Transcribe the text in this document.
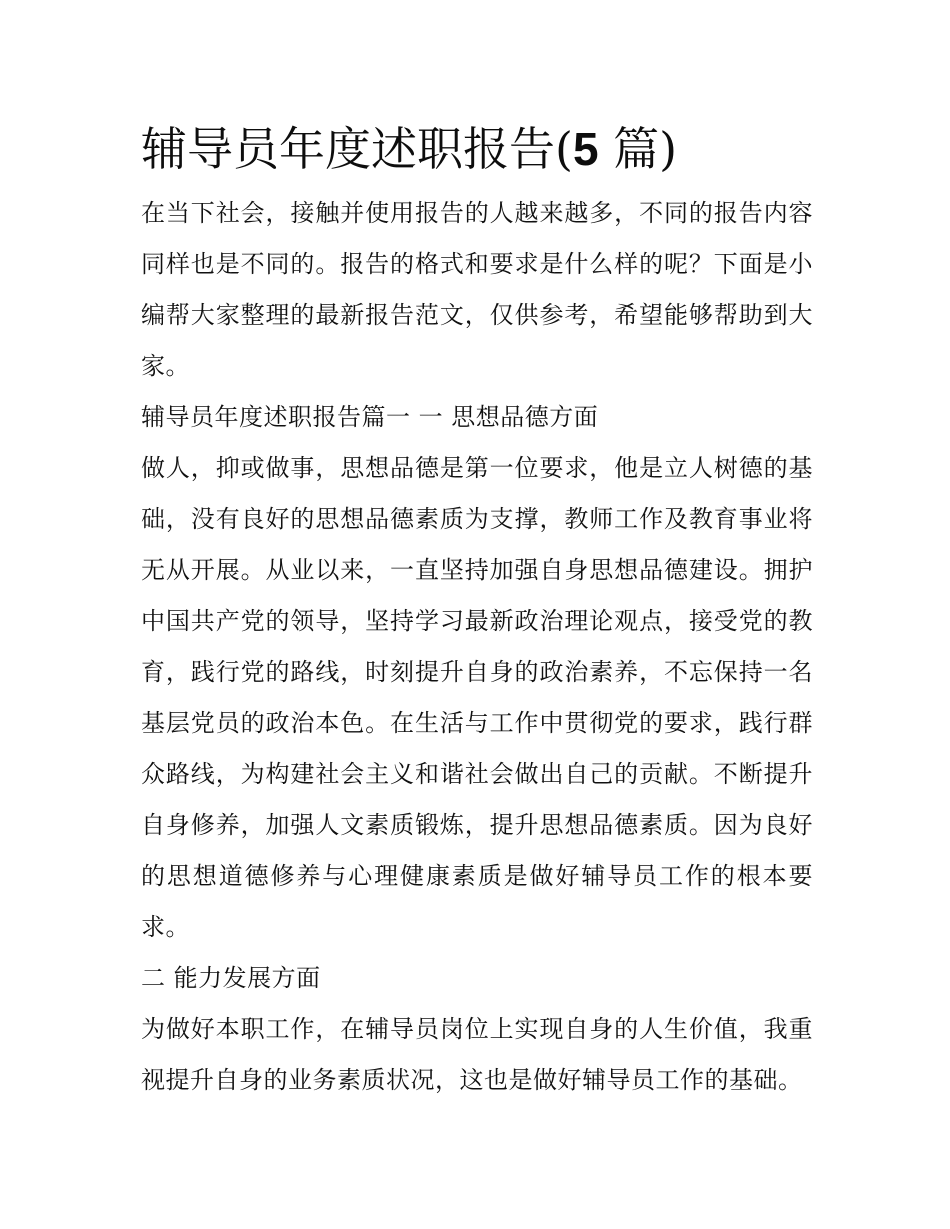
辅导员年度述职报告(5 篇)

在当下社会，接触并使用报告的人越来越多，不同的报告内容同样也是不同的。报告的格式和要求是什么样的呢？下面是小编帮大家整理的最新报告范文，仅供参考，希望能够帮助到大家。

辅导员年度述职报告篇一 一 思想品德方面

做人，抑或做事，思想品德是第一位要求，他是立人树德的基础，没有良好的思想品德素质为支撑，教师工作及教育事业将无从开展。从业以来，一直坚持加强自身思想品德建设。拥护中国共产党的领导，坚持学习最新政治理论观点，接受党的教育，践行党的路线，时刻提升自身的政治素养，不忘保持一名基层党员的政治本色。在生活与工作中贯彻党的要求，践行群众路线，为构建社会主义和谐社会做出自己的贡献。不断提升自身修养，加强人文素质锻炼，提升思想品德素质。因为良好的思想道德修养与心理健康素质是做好辅导员工作的根本要求。

二 能力发展方面

为做好本职工作，在辅导员岗位上实现自身的人生价值，我重视提升自身的业务素质状况，这也是做好辅导员工作的基础。
